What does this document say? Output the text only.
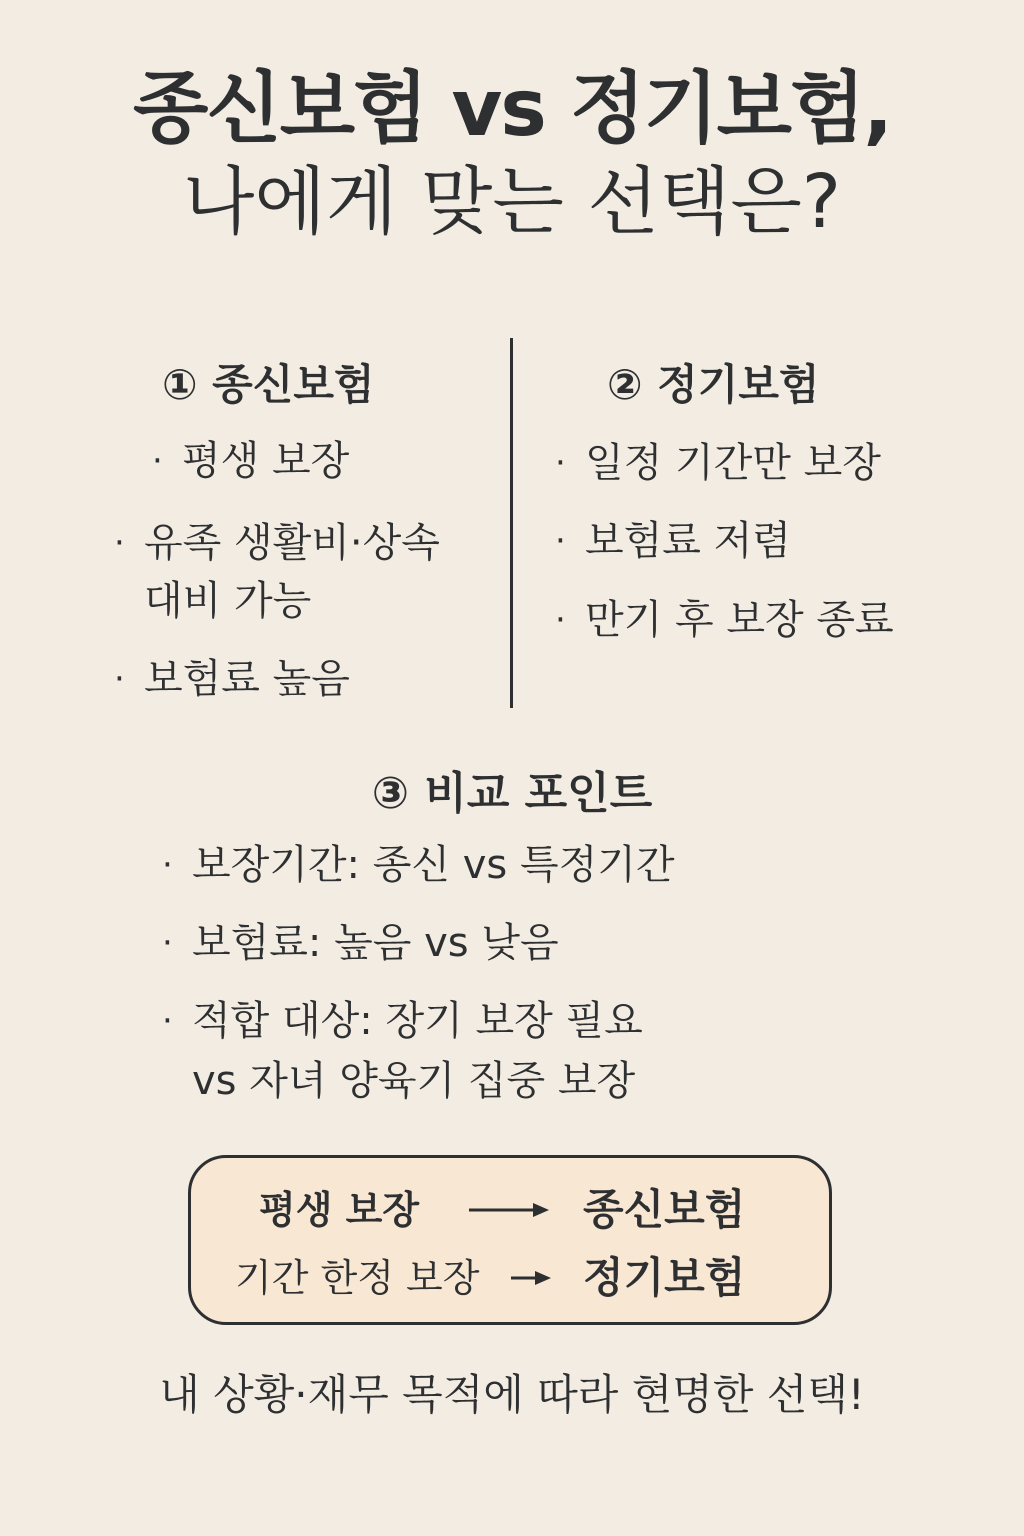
종신보험 vs 정기보험,
나에게 맞는 선택은?
① 종신보험

· 평생 보장

· 유족 생활비·상속

대비 가능

· 보험료 높음

② 정기보험

· 일정 기간만 보장

· 보험료 저렴

· 만기 후 보장 종료

③ 비교 포인트

· 보장기간: 종신 vs 특정기간

· 보험료: 높음 vs 낮음

· 적합 대상: 장기 보장 필요

vs 자녀 양육기 집중 보장

평생 보장	종신보험
기간 한정 보장 정기보험

내 상황·재무 목적에 따라 현명한 선택!
